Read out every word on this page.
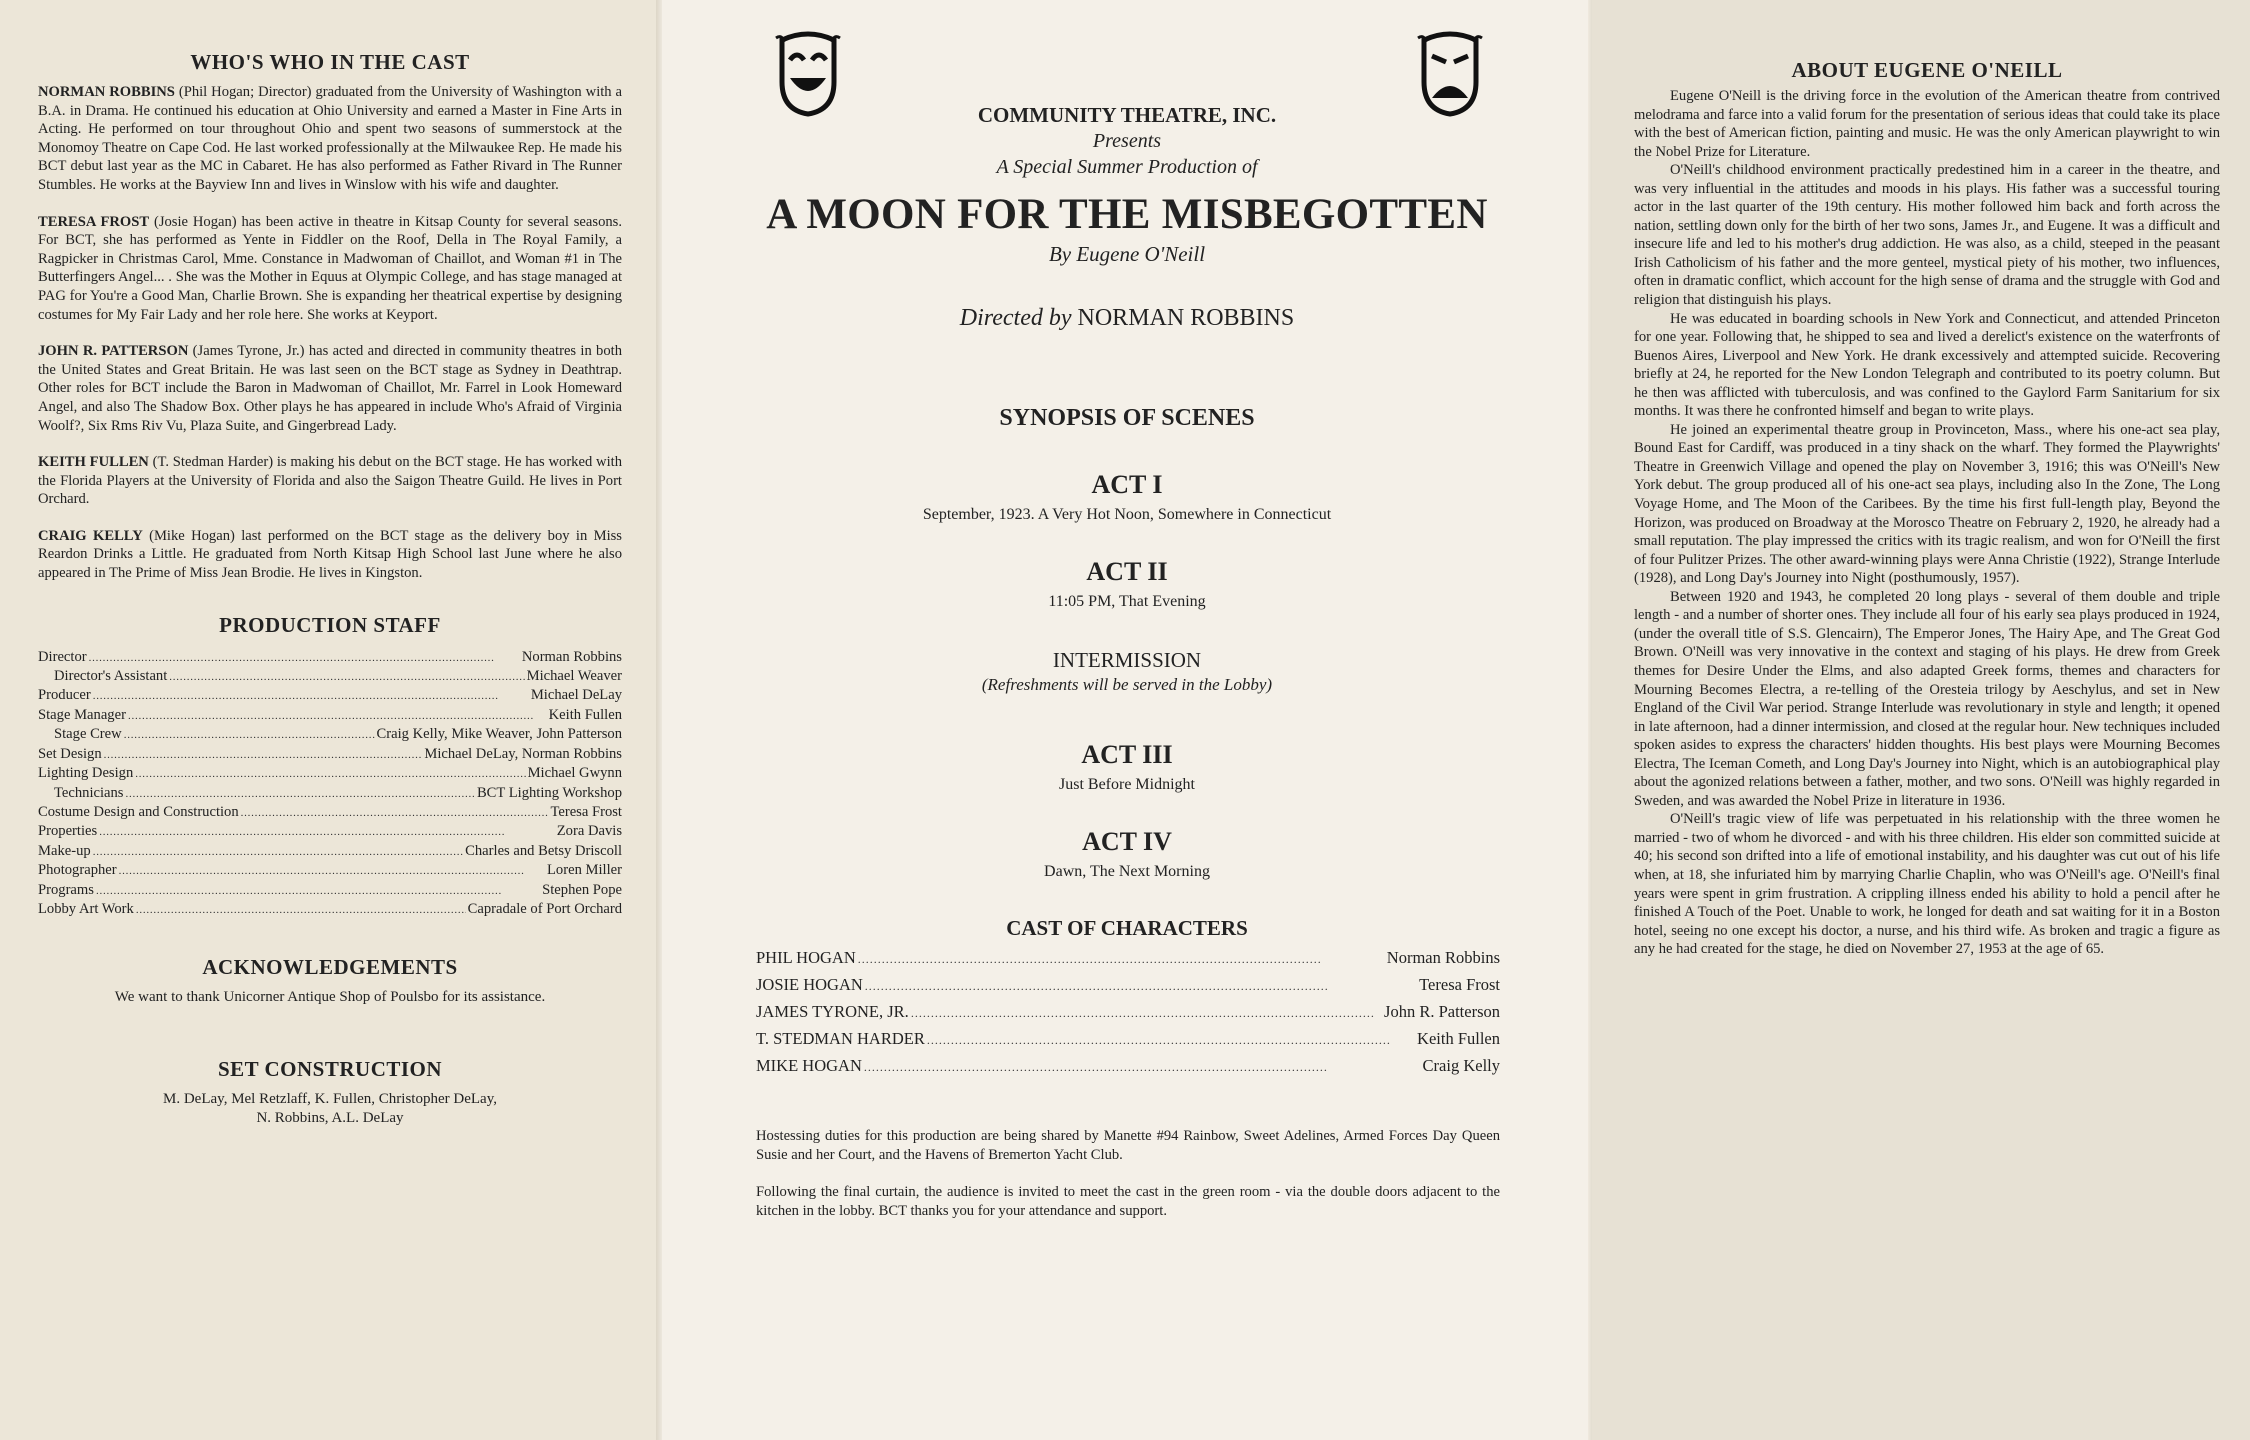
WHO'S WHO IN THE CAST

NORMAN ROBBINS (Phil Hogan; Director) graduated from the University of Washington with a B.A. in Drama. He continued his education at Ohio University and earned a Master in Fine Arts in Acting. He performed on tour throughout Ohio and spent two seasons of summerstock at the Monomoy Theatre on Cape Cod. He last worked professionally at the Milwaukee Rep. He made his BCT debut last year as the MC in Cabaret. He has also performed as Father Rivard in The Runner Stumbles. He works at the Bayview Inn and lives in Winslow with his wife and daughter.

TERESA FROST (Josie Hogan) has been active in theatre in Kitsap County for several seasons. For BCT, she has performed as Yente in Fiddler on the Roof, Della in The Royal Family, a Ragpicker in Christmas Carol, Mme. Constance in Madwoman of Chaillot, and Woman #1 in The Butterfingers Angel... . She was the Mother in Equus at Olympic College, and has stage managed at PAG for You're a Good Man, Charlie Brown. She is expanding her theatrical expertise by designing costumes for My Fair Lady and her role here. She works at Keyport.

JOHN R. PATTERSON (James Tyrone, Jr.) has acted and directed in community theatres in both the United States and Great Britain. He was last seen on the BCT stage as Sydney in Deathtrap. Other roles for BCT include the Baron in Madwoman of Chaillot, Mr. Farrel in Look Homeward Angel, and also The Shadow Box. Other plays he has appeared in include Who's Afraid of Virginia Woolf?, Six Rms Riv Vu, Plaza Suite, and Gingerbread Lady.

KEITH FULLEN (T. Stedman Harder) is making his debut on the BCT stage. He has worked with the Florida Players at the University of Florida and also the Saigon Theatre Guild. He lives in Port Orchard.

CRAIG KELLY (Mike Hogan) last performed on the BCT stage as the delivery boy in Miss Reardon Drinks a Little. He graduated from North Kitsap High School last June where he also appeared in The Prime of Miss Jean Brodie. He lives in Kingston.

PRODUCTION STAFF
Director . . .	Norman Robbins
Director's Assistant . . .	Michael Weaver
Producer . . .	Michael DeLay
Stage Manager . . .	Keith Fullen
Stage Crew . . .	Craig Kelly, Mike Weaver, John Patterson
Set Design . . .	Michael DeLay, Norman Robbins
Lighting Design . . .	Michael Gwynn
Technicians . . .	BCT Lighting Workshop
Costume Design and Construction . . .	Teresa Frost
Properties . . .	Zora Davis
Make-up . . .	Charles and Betsy Driscoll
Photographer . . .	Loren Miller
Programs . . .	Stephen Pope
Lobby Art Work . . .	Capradale of Port Orchard
ACKNOWLEDGEMENTS
We want to thank Unicorner Antique Shop of Poulsbo for its assistance.
SET CONSTRUCTION
M. DeLay, Mel Retzlaff, K. Fullen, Christopher DeLay,
N. Robbins, A.L. DeLay
COMMUNITY THEATRE, INC.
Presents
A Special Summer Production of
A MOON FOR THE MISBEGOTTEN
By Eugene O'Neill
Directed by NORMAN ROBBINS
SYNOPSIS OF SCENES
ACT I
September, 1923. A Very Hot Noon, Somewhere in Connecticut
ACT II
11:05 PM, That Evening
INTERMISSION
(Refreshments will be served in the Lobby)
ACT III
Just Before Midnight
ACT IV
Dawn, The Next Morning
CAST OF CHARACTERS
PHIL HOGAN . . .	Norman Robbins
JOSIE HOGAN . . .	Teresa Frost
JAMES TYRONE, JR. . . .	John R. Patterson
T. STEDMAN HARDER . . .	Keith Fullen
MIKE HOGAN . . .	Craig Kelly
Hostessing duties for this production are being shared by Manette #94 Rainbow, Sweet Adelines, Armed Forces Day Queen Susie and her Court, and the Havens of Bremerton Yacht Club.
Following the final curtain, the audience is invited to meet the cast in the green room - via the double doors adjacent to the kitchen in the lobby. BCT thanks you for your attendance and support.
ABOUT EUGENE O'NEILL

Eugene O'Neill is the driving force in the evolution of the American theatre from contrived melodrama and farce into a valid forum for the presentation of serious ideas that could take its place with the best of American fiction, painting and music. He was the only American playwright to win the Nobel Prize for Literature.

O'Neill's childhood environment practically predestined him in a career in the theatre, and was very influential in the attitudes and moods in his plays. His father was a successful touring actor in the last quarter of the 19th century. His mother followed him back and forth across the nation, settling down only for the birth of her two sons, James Jr., and Eugene. It was a difficult and insecure life and led to his mother's drug addiction. He was also, as a child, steeped in the peasant Irish Catholicism of his father and the more genteel, mystical piety of his mother, two influences, often in dramatic conflict, which account for the high sense of drama and the struggle with God and religion that distinguish his plays.

He was educated in boarding schools in New York and Connecticut, and attended Princeton for one year. Following that, he shipped to sea and lived a derelict's existence on the waterfronts of Buenos Aires, Liverpool and New York. He drank excessively and attempted suicide. Recovering briefly at 24, he reported for the New London Telegraph and contributed to its poetry column. But he then was afflicted with tuberculosis, and was confined to the Gaylord Farm Sanitarium for six months. It was there he confronted himself and began to write plays.

He joined an experimental theatre group in Provinceton, Mass., where his one-act sea play, Bound East for Cardiff, was produced in a tiny shack on the wharf. They formed the Playwrights' Theatre in Greenwich Village and opened the play on November 3, 1916; this was O'Neill's New York debut. The group produced all of his one-act sea plays, including also In the Zone, The Long Voyage Home, and The Moon of the Caribees. By the time his first full-length play, Beyond the Horizon, was produced on Broadway at the Morosco Theatre on February 2, 1920, he already had a small reputation. The play impressed the critics with its tragic realism, and won for O'Neill the first of four Pulitzer Prizes. The other award-winning plays were Anna Christie (1922), Strange Interlude (1928), and Long Day's Journey into Night (posthumously, 1957).

Between 1920 and 1943, he completed 20 long plays - several of them double and triple length - and a number of shorter ones. They include all four of his early sea plays produced in 1924, (under the overall title of S.S. Glencairn), The Emperor Jones, The Hairy Ape, and The Great God Brown. O'Neill was very innovative in the context and staging of his plays. He drew from Greek themes for Desire Under the Elms, and also adapted Greek forms, themes and characters for Mourning Becomes Electra, a re-telling of the Oresteia trilogy by Aeschylus, and set in New England of the Civil War period. Strange Interlude was revolutionary in style and length; it opened in late afternoon, had a dinner intermission, and closed at the regular hour. New techniques included spoken asides to express the characters' hidden thoughts. His best plays were Mourning Becomes Electra, The Iceman Cometh, and Long Day's Journey into Night, which is an autobiographical play about the agonized relations between a father, mother, and two sons. O'Neill was highly regarded in Sweden, and was awarded the Nobel Prize in literature in 1936.

O'Neill's tragic view of life was perpetuated in his relationship with the three women he married - two of whom he divorced - and with his three children. His elder son committed suicide at 40; his second son drifted into a life of emotional instability, and his daughter was cut out of his life when, at 18, she infuriated him by marrying Charlie Chaplin, who was O'Neill's age. O'Neill's final years were spent in grim frustration. A crippling illness ended his ability to hold a pencil after he finished A Touch of the Poet. Unable to work, he longed for death and sat waiting for it in a Boston hotel, seeing no one except his doctor, a nurse, and his third wife. As broken and tragic a figure as any he had created for the stage, he died on November 27, 1953 at the age of 65.
